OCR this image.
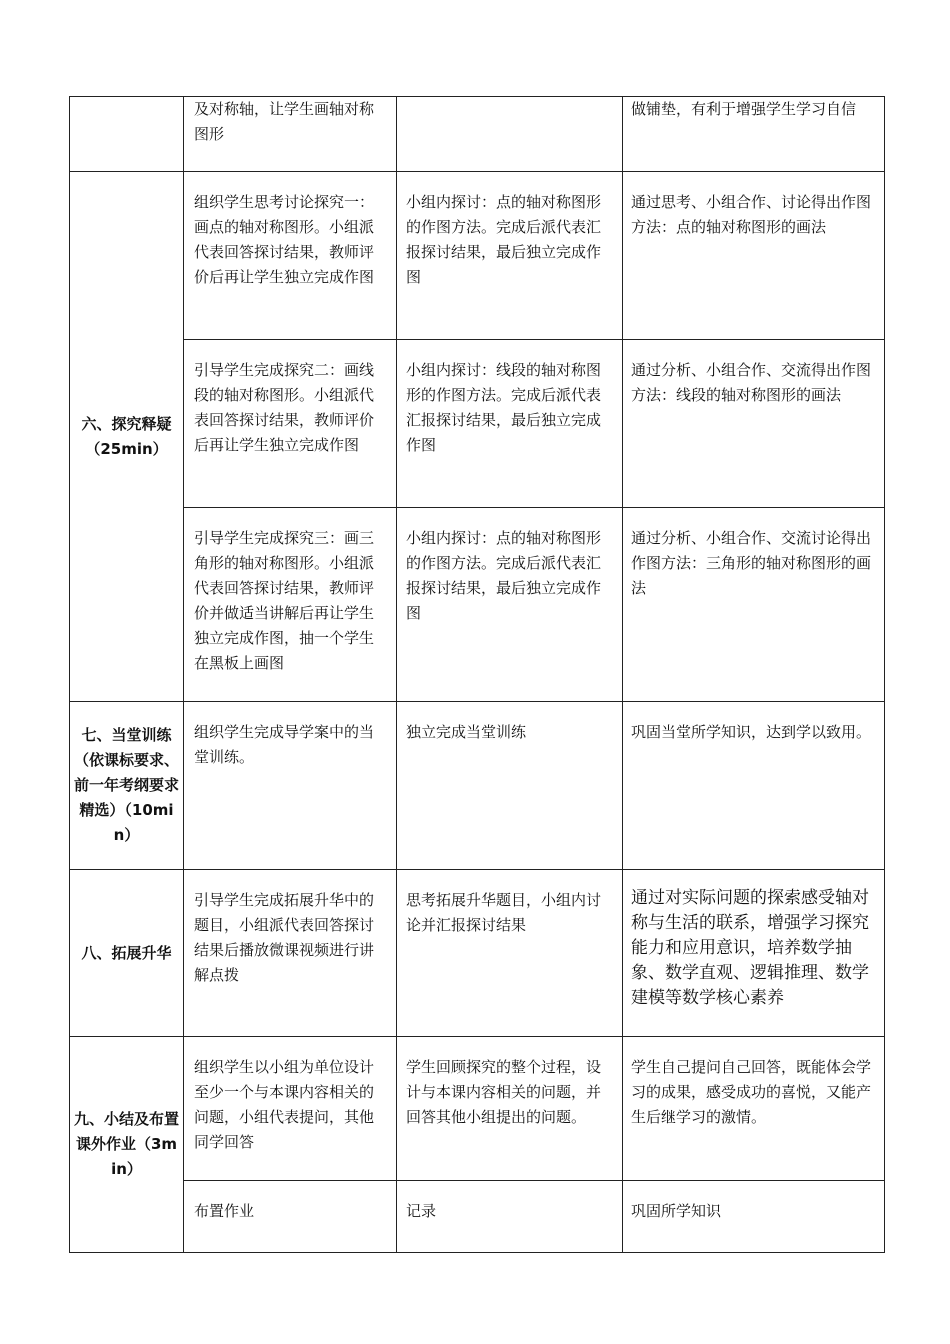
	及对称轴，让学生画轴对称图形		做铺垫，有利于增强学生学习自信

六、探究释疑（25min）	组织学生思考讨论探究一：画点的轴对称图形。小组派代表回答探讨结果，教师评价后再让学生独立完成作图	小组内探讨：点的轴对称图形的作图方法。完成后派代表汇报探讨结果，最后独立完成作图	通过思考、小组合作、讨论得出作图方法：点的轴对称图形的画法

	引导学生完成探究二：画线段的轴对称图形。小组派代表回答探讨结果，教师评价后再让学生独立完成作图	小组内探讨：线段的轴对称图形的作图方法。完成后派代表汇报探讨结果，最后独立完成作图	通过分析、小组合作、交流得出作图方法：线段的轴对称图形的画法

	引导学生完成探究三：画三角形的轴对称图形。小组派代表回答探讨结果，教师评价并做适当讲解后再让学生独立完成作图，抽一个学生在黑板上画图	小组内探讨：点的轴对称图形的作图方法。完成后派代表汇报探讨结果，最后独立完成作图	通过分析、小组合作、交流讨论得出作图方法：三角形的轴对称图形的画法

七、当堂训练（依课标要求、前一年考纲要求精选）（10min）	组织学生完成导学案中的当堂训练。	独立完成当堂训练	巩固当堂所学知识，达到学以致用。

八、拓展升华	引导学生完成拓展升华中的题目，小组派代表回答探讨结果后播放微课视频进行讲解点拨	思考拓展升华题目，小组内讨论并汇报探讨结果	通过对实际问题的探索感受轴对称与生活的联系，增强学习探究能力和应用意识，培养数学抽象、数学直观、逻辑推理、数学建模等数学核心素养

九、小结及布置课外作业（3min）	组织学生以小组为单位设计至少一个与本课内容相关的问题，小组代表提问，其他同学回答	学生回顾探究的整个过程，设计与本课内容相关的问题，并回答其他小组提出的问题。	学生自己提问自己回答，既能体会学习的成果，感受成功的喜悦，又能产生后继学习的激情。

	布置作业	记录	巩固所学知识
